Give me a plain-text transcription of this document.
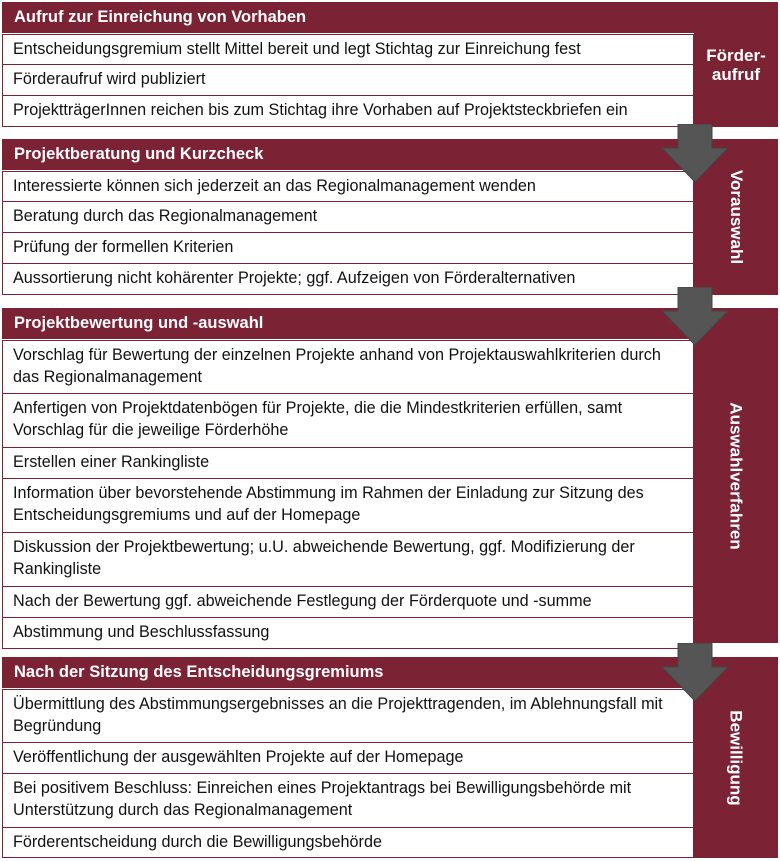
Aufruf zur Einreichung von Vorhaben
Förder-
aufruf
Entscheidungsgremium stellt Mittel bereit und legt Stichtag zur Einreichung fest
Förderaufruf wird publiziert
ProjektträgerInnen reichen bis zum Stichtag ihre Vorhaben auf Projektsteckbriefen ein
Projektberatung und Kurzcheck
Vorauswahl
Interessierte können sich jederzeit an das Regionalmanagement wenden
Beratung durch das Regionalmanagement
Prüfung der formellen Kriterien
Aussortierung nicht kohärenter Projekte; ggf. Aufzeigen von Förderalternativen
Projektbewertung und -auswahl
Auswahlverfahren
Vorschlag für Bewertung der einzelnen Projekte anhand von Projektauswahlkriterien durch das Regionalmanagement
Anfertigen von Projektdatenbögen für Projekte, die die Mindestkriterien erfüllen, samt Vorschlag für die jeweilige Förderhöhe
Erstellen einer Rankingliste
Information über bevorstehende Abstimmung im Rahmen der Einladung zur Sitzung des Entscheidungsgremiums und auf der Homepage
Diskussion der Projektbewertung; u.U. abweichende Bewertung, ggf. Modifizierung der Rankingliste
Nach der Bewertung ggf. abweichende Festlegung der Förderquote und -summe
Abstimmung und Beschlussfassung
Nach der Sitzung des Entscheidungsgremiums
Bewilligung
Übermittlung des Abstimmungsergebnisses an die Projekttragenden, im Ablehnungsfall mit Begründung
Veröffentlichung der ausgewählten Projekte auf der Homepage
Bei positivem Beschluss: Einreichen eines Projektantrags bei Bewilligungsbehörde mit Unterstützung durch das Regionalmanagement
Förderentscheidung durch die Bewilligungsbehörde
